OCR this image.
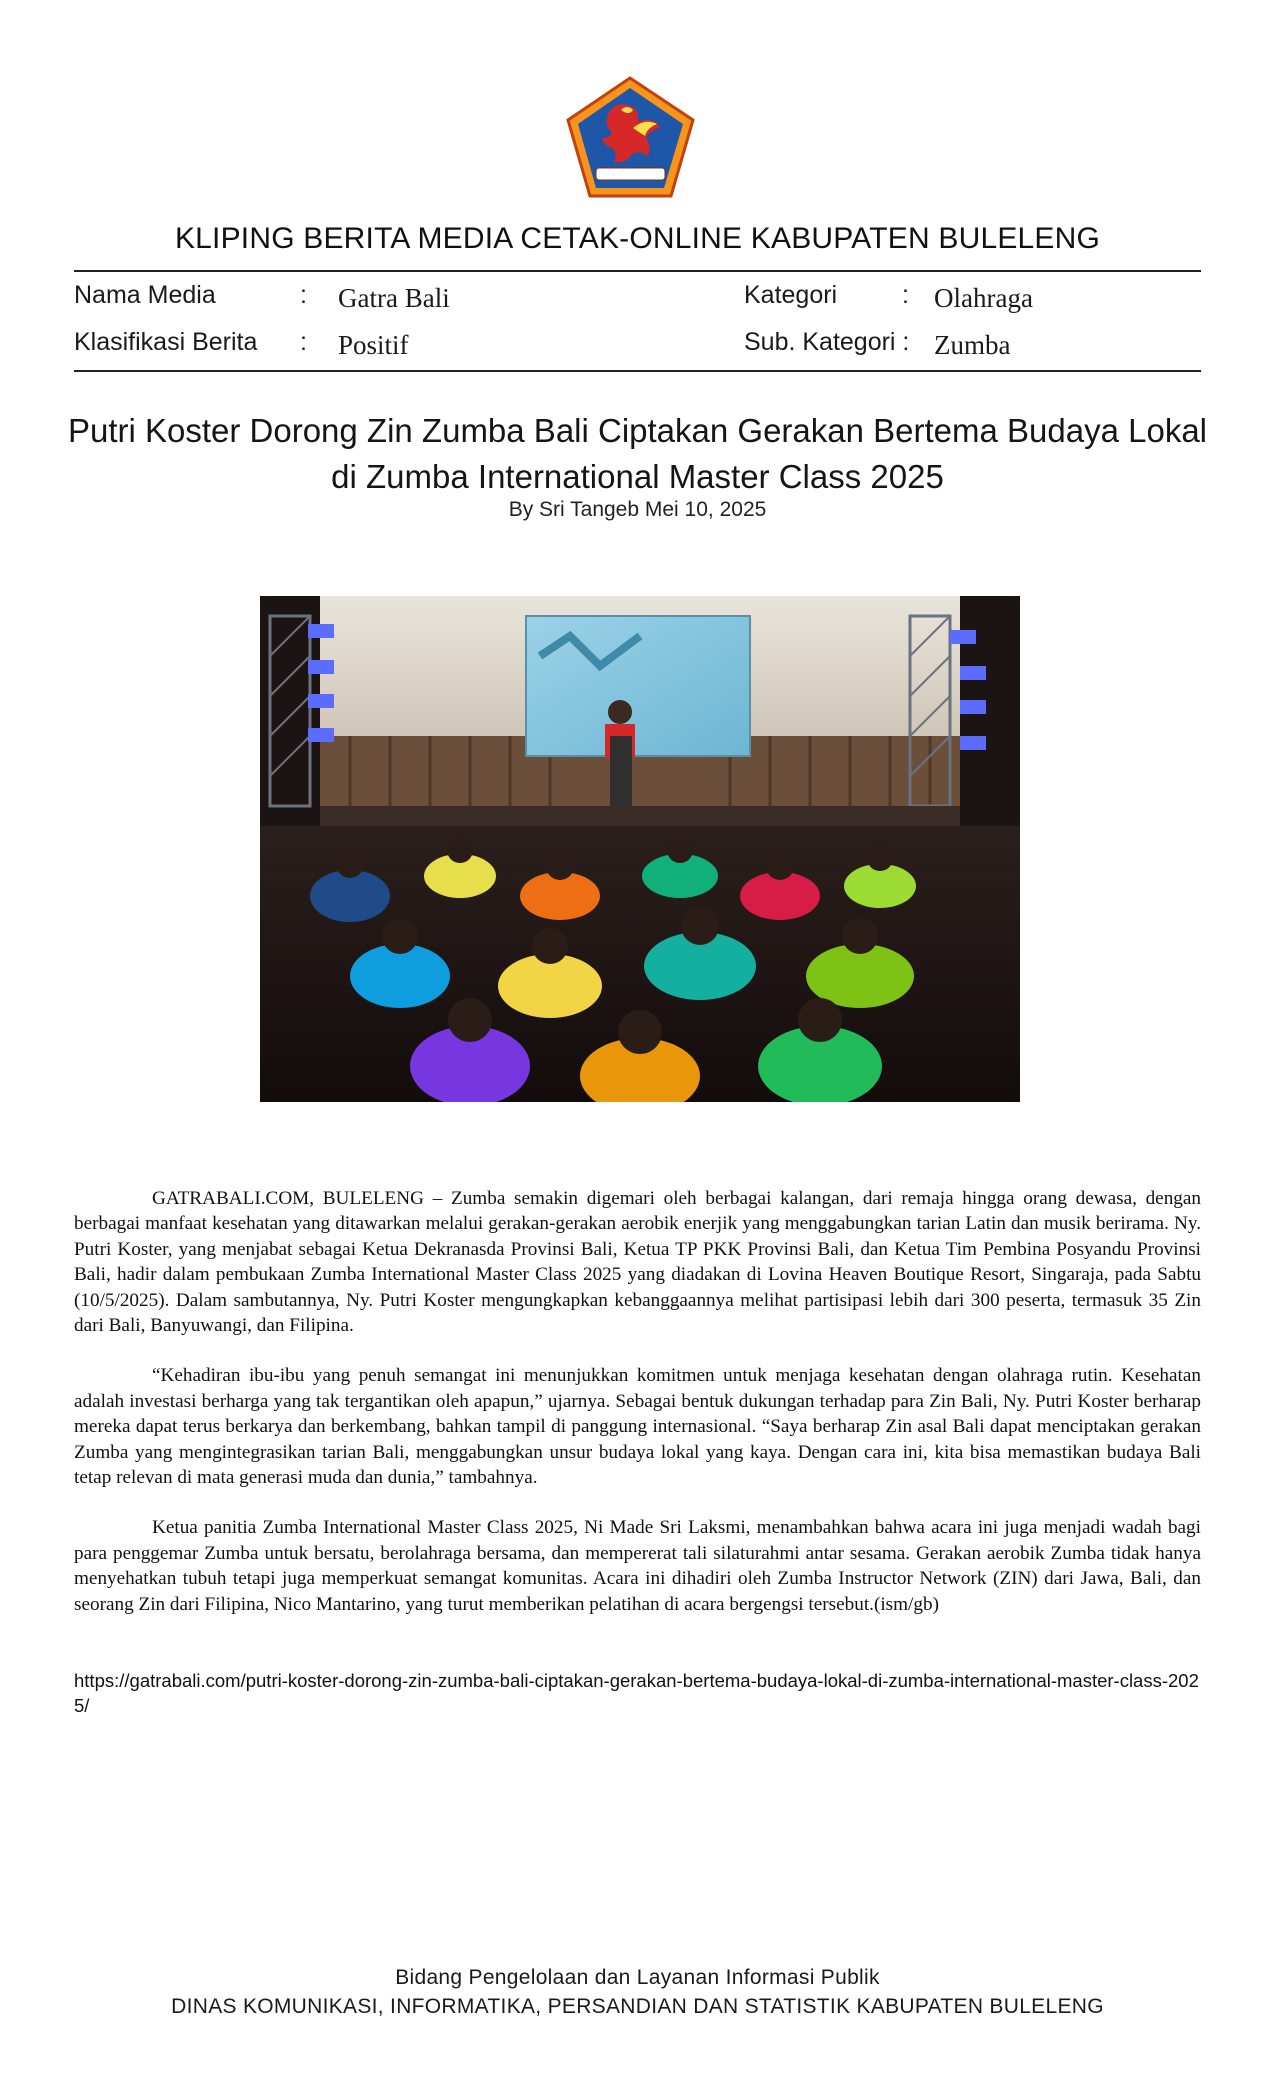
KLIPING BERITA MEDIA CETAK-ONLINE KABUPATEN BULELENG
Nama Media	: Gatra Bali	Kategori	: Olahraga
Klasifikasi Berita : Positif	Sub. Kategori : Zumba
Putri Koster Dorong Zin Zumba Bali Ciptakan Gerakan Bertema Budaya Lokal di Zumba International Master Class 2025
By Sri Tangeb Mei 10, 2025

GATRABALI.COM, BULELENG – Zumba semakin digemari oleh berbagai kalangan, dari remaja hingga orang dewasa, dengan berbagai manfaat kesehatan yang ditawarkan melalui gerakan-gerakan aerobik enerjik yang menggabungkan tarian Latin dan musik berirama. Ny. Putri Koster, yang menjabat sebagai Ketua Dekranasda Provinsi Bali, Ketua TP PKK Provinsi Bali, dan Ketua Tim Pembina Posyandu Provinsi Bali, hadir dalam pembukaan Zumba International Master Class 2025 yang diadakan di Lovina Heaven Boutique Resort, Singaraja, pada Sabtu (10/5/2025). Dalam sambutannya, Ny. Putri Koster mengungkapkan kebanggaannya melihat partisipasi lebih dari 300 peserta, termasuk 35 Zin dari Bali, Banyuwangi, dan Filipina.

“Kehadiran ibu-ibu yang penuh semangat ini menunjukkan komitmen untuk menjaga kesehatan dengan olahraga rutin. Kesehatan adalah investasi berharga yang tak tergantikan oleh apapun,” ujarnya. Sebagai bentuk dukungan terhadap para Zin Bali, Ny. Putri Koster berharap mereka dapat terus berkarya dan berkembang, bahkan tampil di panggung internasional. “Saya berharap Zin asal Bali dapat menciptakan gerakan Zumba yang mengintegrasikan tarian Bali, menggabungkan unsur budaya lokal yang kaya. Dengan cara ini, kita bisa memastikan budaya Bali tetap relevan di mata generasi muda dan dunia,” tambahnya.

Ketua panitia Zumba International Master Class 2025, Ni Made Sri Laksmi, menambahkan bahwa acara ini juga menjadi wadah bagi para penggemar Zumba untuk bersatu, berolahraga bersama, dan mempererat tali silaturahmi antar sesama. Gerakan aerobik Zumba tidak hanya menyehatkan tubuh tetapi juga memperkuat semangat komunitas. Acara ini dihadiri oleh Zumba Instructor Network (ZIN) dari Jawa, Bali, dan seorang Zin dari Filipina, Nico Mantarino, yang turut memberikan pelatihan di acara bergengsi tersebut.(ism/gb)

https://gatrabali.com/putri-koster-dorong-zin-zumba-bali-ciptakan-gerakan-bertema-budaya-lokal-di-zumba-international-master-class-2025/
Bidang Pengelolaan dan Layanan Informasi Publik
DINAS KOMUNIKASI, INFORMATIKA, PERSANDIAN DAN STATISTIK KABUPATEN BULELENG
